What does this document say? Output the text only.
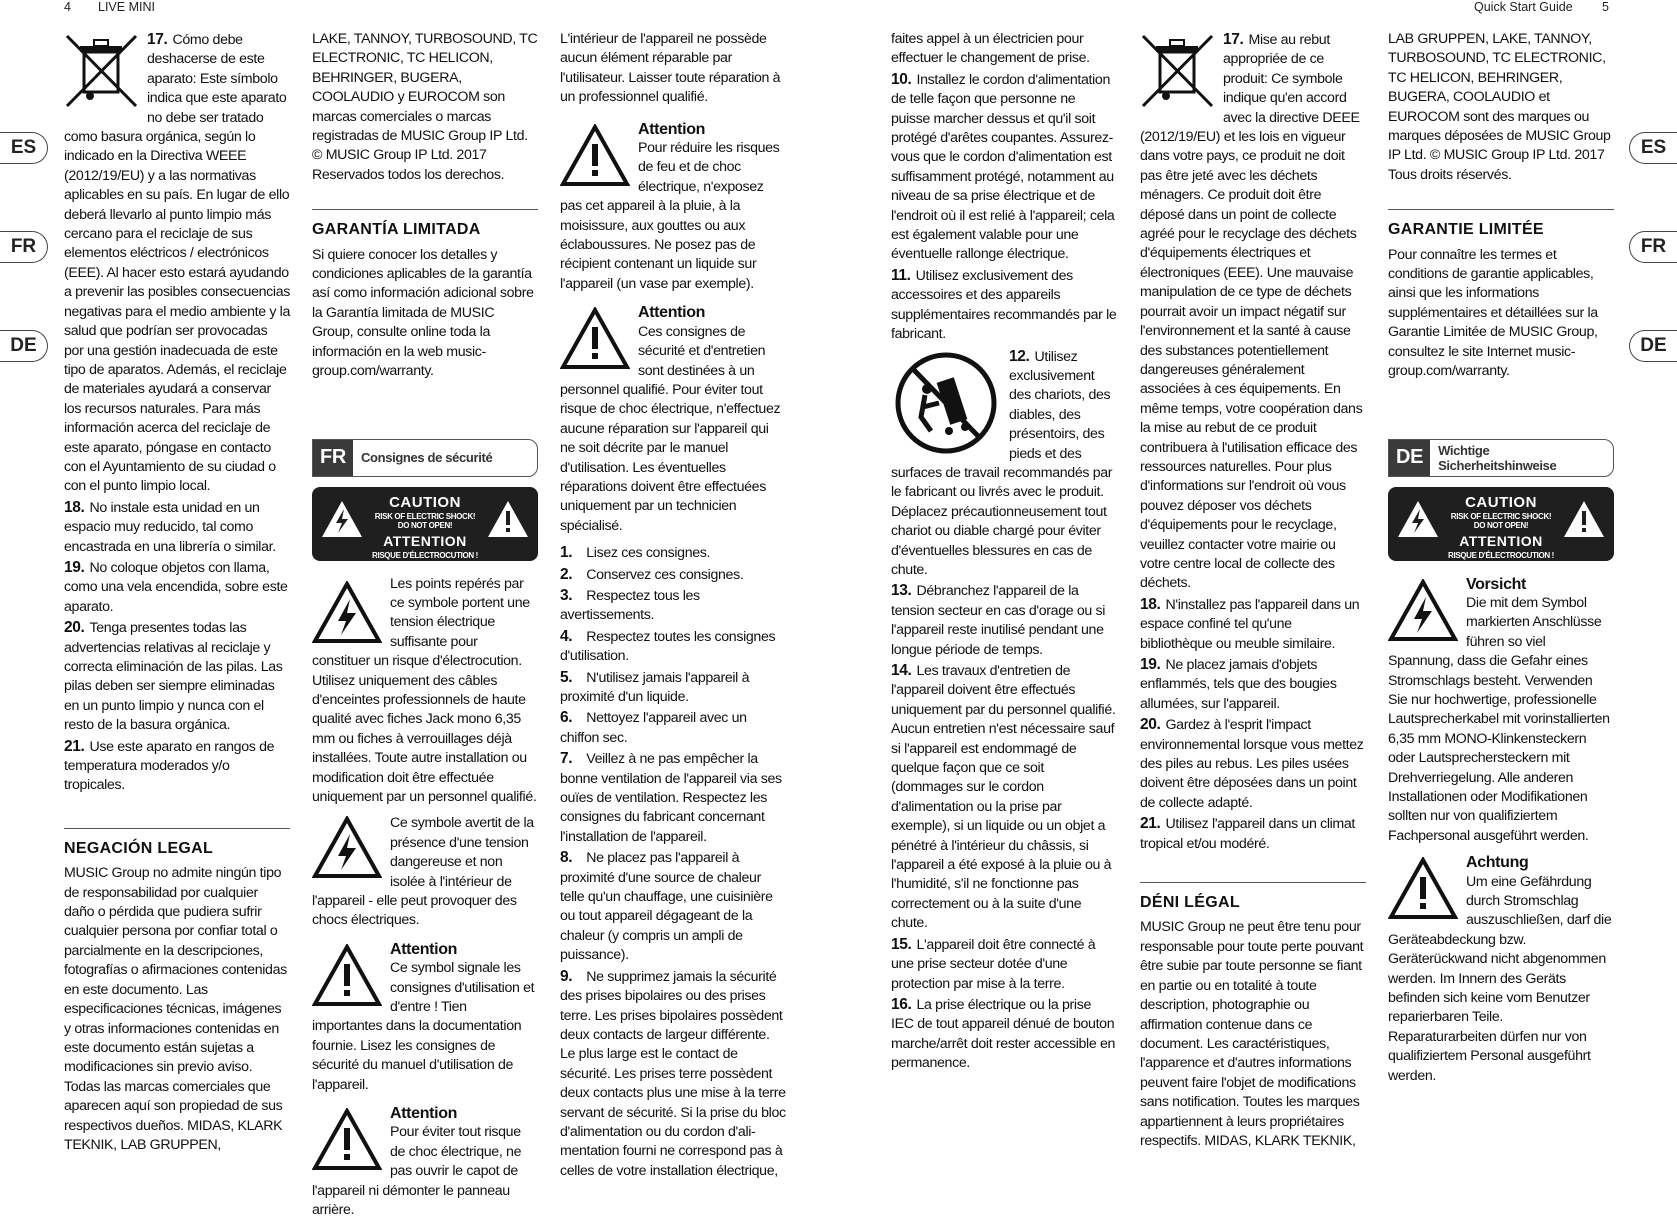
4 LIVE MINI	Quick Start Guide 5
ES
FR
DE
ES
FR
DE

17. Cómo debe deshacerse de este aparato: Este símbolo indica que este aparato no debe ser tratado como basura orgánica, según lo indicado en la Directiva WEEE (2012/19/EU) y a las normativas aplicables en su país. En lugar de ello deberá llevarlo al punto limpio más cercano para el reciclaje de sus elementos eléctricos / electrónicos (EEE). Al hacer esto estará ayudando a prevenir las posibles consecuencias negativas para el medio ambiente y la salud que podrían ser provocadas por una gestión inadecuada de este tipo de aparatos. Además, el reciclaje de materiales ayudará a conservar los recursos naturales. Para más información acerca del reciclaje de este aparato, póngase en contacto con el Ayuntamiento de su ciudad o con el punto limpio local.

18. No instale esta unidad en un espacio muy reducido, tal como encastrada en una librería o similar.

19. No coloque objetos con llama, como una vela encendida, sobre este aparato.

20. Tenga presentes todas las advertencias relativas al reciclaje y correcta eliminación de las pilas. Las pilas deben ser siempre eliminadas en un punto limpio y nunca con el resto de la basura orgánica.

21. Use este aparato en rangos de temperatura moderados y/o tropicales.

NEGACIÓN LEGAL

MUSIC Group no admite ningún tipo de responsabilidad por cualquier daño o pérdida que pudiera sufrir cualquier persona por confiar total o parcialmente en la descripciones, fotografías o afirmaciones contenidas en este documento. Las especificaciones técnicas, imágenes y otras informaciones contenidas en este documento están sujetas a modificaciones sin previo aviso. Todas las marcas comerciales que aparecen aquí son propiedad de sus respectivos dueños. MIDAS, KLARK TEKNIK, LAB GRUPPEN,

LAKE, TANNOY, TURBOSOUND, TC ELECTRONIC, TC HELICON, BEHRINGER, BUGERA, COOLAUDIO y EUROCOM son marcas comerciales o marcas registradas de MUSIC Group IP Ltd. © MUSIC Group IP Ltd. 2017 Reservados todos los derechos.

GARANTÍA LIMITADA

Si quiere conocer los detalles y condiciones aplicables de la garantía así como información adicional sobre la Garantía limitada de MUSIC Group, consulte online toda la información en la web music-group.com/warranty.

FR	Consignes de sécurité
CAUTION
RISK OF ELECTRIC SHOCK!
DO NOT OPEN!
ATTENTION
RISQUE D'ÉLECTROCUTION !
NE PAS OUVRIR !

Les points repérés par ce symbole portent une tension électrique suffisante pour constituer un risque d'électrocution. Utilisez uniquement des câbles d'enceintes professionnels de haute qualité avec fiches Jack mono 6,35 mm ou fiches à verrouillages déjà installées. Toute autre installation ou modification doit être effectuée uniquement par un personnel qualifié.

Ce symbole avertit de la présence d'une tension dangereuse et non isolée à l'intérieur de l'appareil - elle peut provoquer des chocs électriques.

Attention

Ce symbol signale les consignes d'utilisation et d'entre ! Tien importantes dans la documentation fournie. Lisez les consignes de sécurité du manuel d'utilisation de l'appareil.

Attention

Pour éviter tout risque de choc électrique, ne pas ouvrir le capot de l'appareil ni démonter le panneau arrière.

L'intérieur de l'appareil ne possède aucun élément réparable par l'utilisateur. Laisser toute réparation à un professionnel qualifié.

Attention

Pour réduire les risques de feu et de choc électrique, n'exposez pas cet appareil à la pluie, à la moisissure, aux gouttes ou aux éclaboussures. Ne posez pas de récipient contenant un liquide sur l'appareil (un vase par exemple).

Attention

Ces consignes de sécurité et d'entretien sont destinées à un personnel qualifié. Pour éviter tout risque de choc électrique, n'effectuez aucune réparation sur l'appareil qui ne soit décrite par le manuel d'utilisation. Les éventuelles réparations doivent être effectuées uniquement par un technicien spécialisé.

1. Lisez ces consignes.

2. Conservez ces consignes.

3. Respectez tous les avertissements.

4. Respectez toutes les consignes d'utilisation.

5. N'utilisez jamais l'appareil à proximité d'un liquide.

6. Nettoyez l'appareil avec un chiffon sec.

7. Veillez à ne pas empêcher la bonne ventilation de l'appareil via ses ouïes de ventilation. Respectez les consignes du fabricant concernant l'installation de l'appareil.

8. Ne placez pas l'appareil à proximité d'une source de chaleur telle qu'un chauffage, une cuisinière ou tout appareil dégageant de la chaleur (y compris un ampli de puissance).

9. Ne supprimez jamais la sécurité des prises bipolaires ou des prises terre. Les prises bipolaires possèdent deux contacts de largeur différente. Le plus large est le contact de sécurité. Les prises terre possèdent deux contacts plus une mise à la terre servant de sécurité. Si la prise du bloc d'alimentation ou du cordon d'ali-mentation fourni ne correspond pas à celles de votre installation électrique,

faites appel à un électricien pour effectuer le changement de prise.

10. Installez le cordon d'alimentation de telle façon que personne ne puisse marcher dessus et qu'il soit protégé d'arêtes coupantes. Assurez-vous que le cordon d'alimentation est suffisamment protégé, notamment au niveau de sa prise électrique et de l'endroit où il est relié à l'appareil; cela est également valable pour une éventuelle rallonge électrique.

11. Utilisez exclusivement des accessoires et des appareils supplémentaires recommandés par le fabricant.

12. Utilisez exclusivement des chariots, des diables, des présentoirs, des pieds et des surfaces de travail recommandés par le fabricant ou livrés avec le produit. Déplacez précautionneusement tout chariot ou diable chargé pour éviter d'éventuelles blessures en cas de chute.

13. Débranchez l'appareil de la tension secteur en cas d'orage ou si l'appareil reste inutilisé pendant une longue période de temps.

14. Les travaux d'entretien de l'appareil doivent être effectués uniquement par du personnel qualifié. Aucun entretien n'est nécessaire sauf si l'appareil est endommagé de quelque façon que ce soit (dommages sur le cordon d'alimentation ou la prise par exemple), si un liquide ou un objet a pénétré à l'intérieur du châssis, si l'appareil a été exposé à la pluie ou à l'humidité, s'il ne fonctionne pas correctement ou à la suite d'une chute.

15. L'appareil doit être connecté à une prise secteur dotée d'une protection par mise à la terre.

16. La prise électrique ou la prise IEC de tout appareil dénué de bouton marche/arrêt doit rester accessible en permanence.

17. Mise au rebut appropriée de ce produit: Ce symbole indique qu'en accord avec la directive DEEE (2012/19/EU) et les lois en vigueur dans votre pays, ce produit ne doit pas être jeté avec les déchets ménagers. Ce produit doit être déposé dans un point de collecte agréé pour le recyclage des déchets d'équipements électriques et électroniques (EEE). Une mauvaise manipulation de ce type de déchets pourrait avoir un impact négatif sur l'environnement et la santé à cause des substances potentiellement dangereuses généralement associées à ces équipements. En même temps, votre coopération dans la mise au rebut de ce produit contribuera à l'utilisation efficace des ressources naturelles. Pour plus d'informations sur l'endroit où vous pouvez déposer vos déchets d'équipements pour le recyclage, veuillez contacter votre mairie ou votre centre local de collecte des déchets.

18. N'installez pas l'appareil dans un espace confiné tel qu'une bibliothèque ou meuble similaire.

19. Ne placez jamais d'objets enflammés, tels que des bougies allumées, sur l'appareil.

20. Gardez à l'esprit l'impact environnemental lorsque vous mettez des piles au rebus. Les piles usées doivent être déposées dans un point de collecte adapté.

21. Utilisez l'appareil dans un climat tropical et/ou modéré.

DÉNI LÉGAL

MUSIC Group ne peut être tenu pour responsable pour toute perte pouvant être subie par toute personne se fiant en partie ou en totalité à toute description, photographie ou affirmation contenue dans ce document. Les caractéristiques, l'apparence et d'autres informations peuvent faire l'objet de modifications sans notification. Toutes les marques appartiennent à leurs propriétaires respectifs. MIDAS, KLARK TEKNIK,

LAB GRUPPEN, LAKE, TANNOY, TURBOSOUND, TC ELECTRONIC, TC HELICON, BEHRINGER, BUGERA, COOLAUDIO et EUROCOM sont des marques ou marques déposées de MUSIC Group IP Ltd. © MUSIC Group IP Ltd. 2017 Tous droits réservés.

GARANTIE LIMITÉE

Pour connaître les termes et conditions de garantie applicables, ainsi que les informations supplémentaires et détaillées sur la Garantie Limitée de MUSIC Group, consultez le site Internet music-group.com/warranty.

DE	Wichtige Sicherheitshinweise
CAUTION
RISK OF ELECTRIC SHOCK!
DO NOT OPEN!
ATTENTION
RISQUE D'ÉLECTROCUTION !
NE PAS OUVRIR !
Vorsicht

Die mit dem Symbol markierten Anschlüsse führen so viel Spannung, dass die Gefahr eines Stromschlags besteht. Verwenden Sie nur hochwertige, professionelle Lautsprecherkabel mit vorinstallierten 6,35 mm MONO-Klinkensteckern oder Lautsprechersteckern mit Drehverriegelung. Alle anderen Installationen oder Modifikationen sollten nur von qualifiziertem Fachpersonal ausgeführt werden.

Achtung

Um eine Gefährdung durch Stromschlag auszuschließen, darf die Geräteabdeckung bzw. Geräterückwand nicht abgenommen werden. Im Innern des Geräts befinden sich keine vom Benutzer reparierbaren Teile. Reparaturarbeiten dürfen nur von qualifiziertem Personal ausgeführt werden.
